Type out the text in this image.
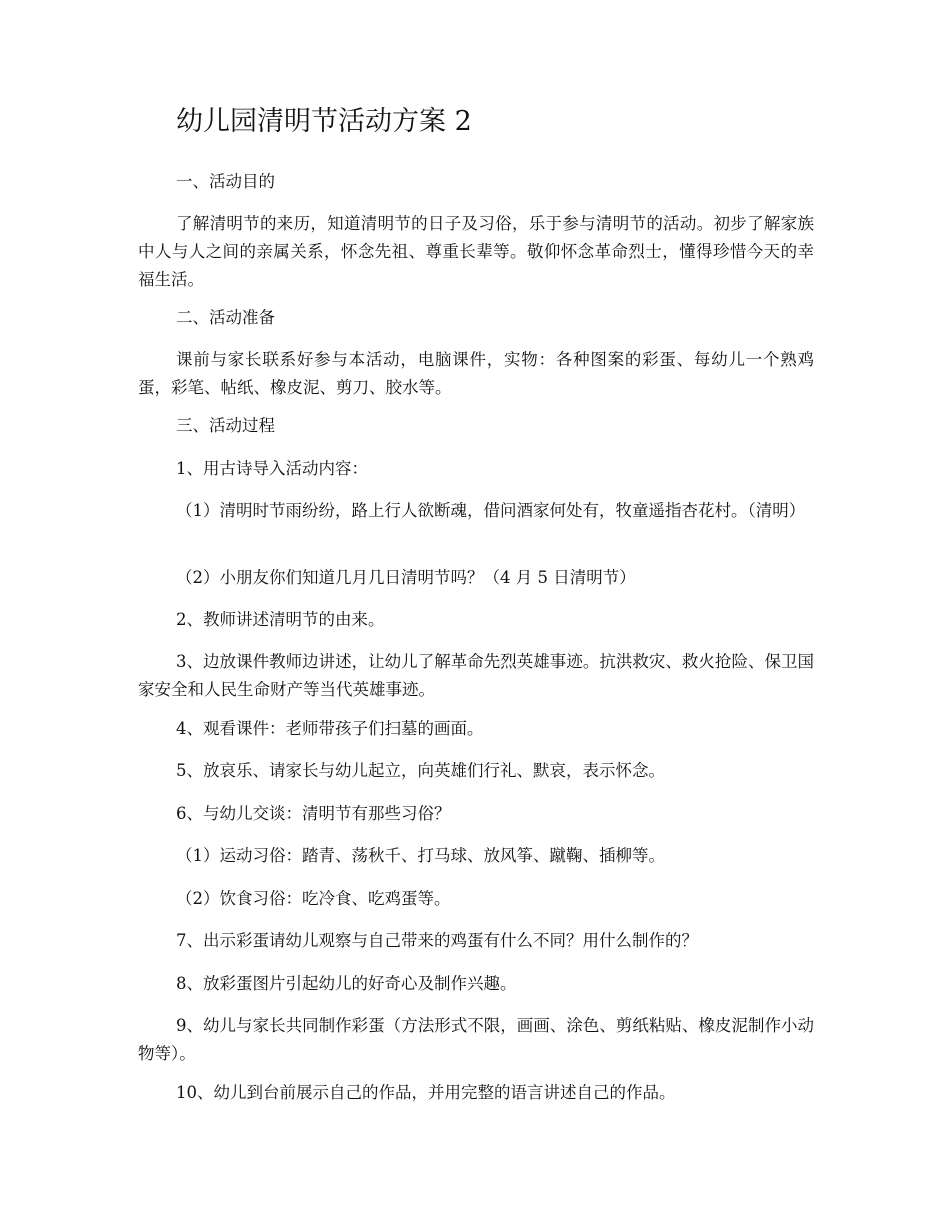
幼儿园清明节活动方案 2

一、活动目的

了解清明节的来历，知道清明节的日子及习俗，乐于参与清明节的活动。初步了解家族中人与人之间的亲属关系，怀念先祖、尊重长辈等。敬仰怀念革命烈士，懂得珍惜今天的幸福生活。

二、活动准备

课前与家长联系好参与本活动，电脑课件，实物：各种图案的彩蛋、每幼儿一个熟鸡蛋，彩笔、帖纸、橡皮泥、剪刀、胶水等。

三、活动过程

1、用古诗导入活动内容：

（1）清明时节雨纷纷，路上行人欲断魂，借问酒家何处有，牧童遥指杏花村。（清明）

（2）小朋友你们知道几月几日清明节吗？（4 月 5 日清明节）

2、教师讲述清明节的由来。

3、边放课件教师边讲述，让幼儿了解革命先烈英雄事迹。抗洪救灾、救火抢险、保卫国家安全和人民生命财产等当代英雄事迹。

4、观看课件：老师带孩子们扫墓的画面。

5、放哀乐、请家长与幼儿起立，向英雄们行礼、默哀，表示怀念。

6、与幼儿交谈：清明节有那些习俗？

（1）运动习俗：踏青、荡秋千、打马球、放风筝、蹴鞠、插柳等。

（2）饮食习俗：吃冷食、吃鸡蛋等。

7、出示彩蛋请幼儿观察与自己带来的鸡蛋有什么不同？用什么制作的？

8、放彩蛋图片引起幼儿的好奇心及制作兴趣。

9、幼儿与家长共同制作彩蛋（方法形式不限，画画、涂色、剪纸粘贴、橡皮泥制作小动物等）。

10、幼儿到台前展示自己的作品，并用完整的语言讲述自己的作品。
